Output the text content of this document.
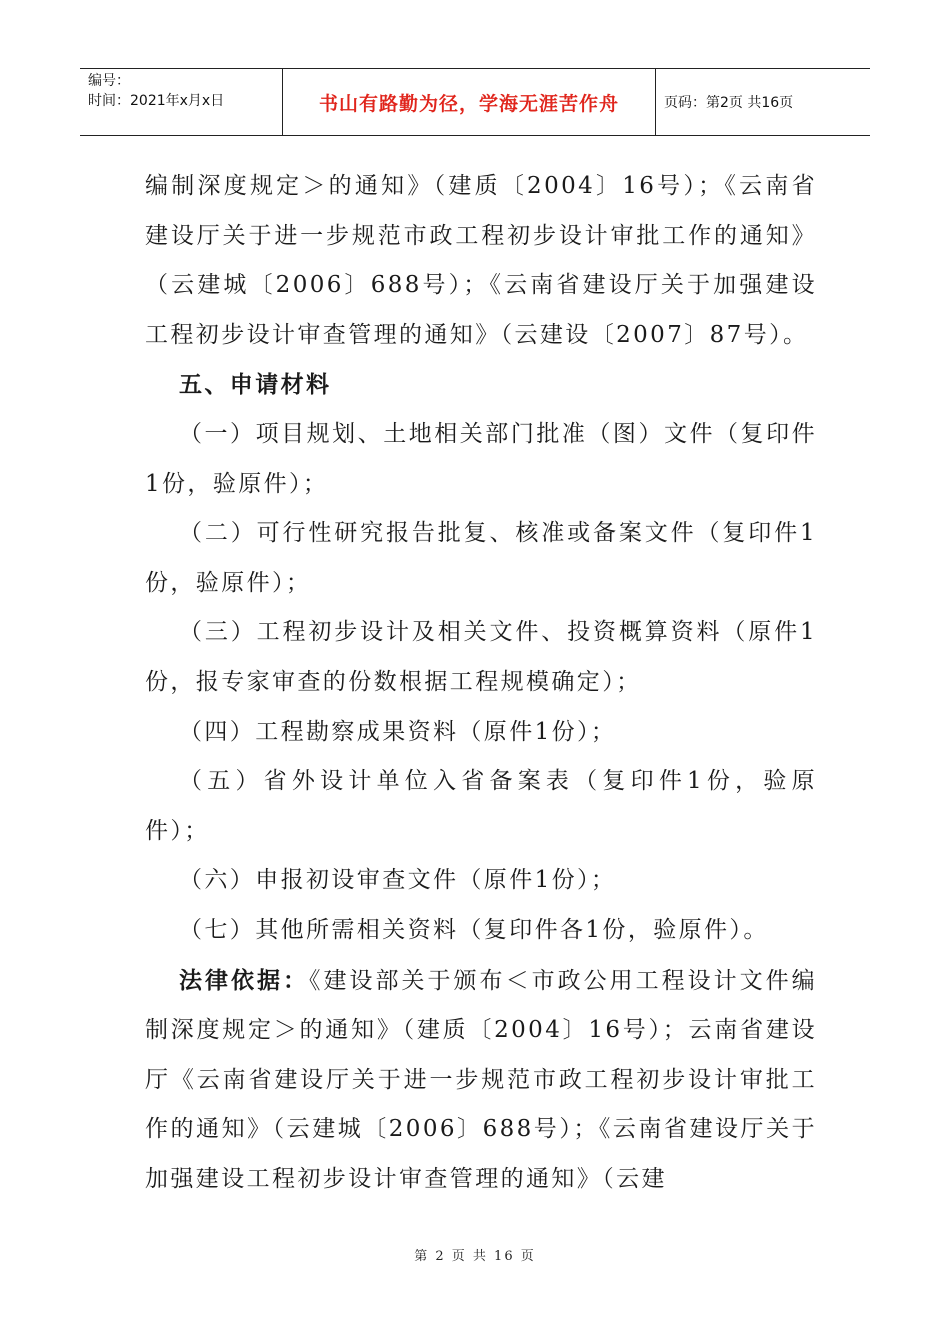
编号：
时间：2021年x月x日	书山有路勤为径，学海无涯苦作舟	页码：第2页 共16页

编制深度规定＞的通知》（建质〔2004〕16号）；《云南省建设厅关于进一步规范市政工程初步设计审批工作的通知》（云建城〔2006〕688号）；《云南省建设厅关于加强建设工程初步设计审查管理的通知》（云建设〔2007〕87号）。

五、申请材料

（一）项目规划、土地相关部门批准（图）文件（复印件1份，验原件）；

（二）可行性研究报告批复、核准或备案文件（复印件1份，验原件）；

（三）工程初步设计及相关文件、投资概算资料（原件1份，报专家审查的份数根据工程规模确定）；

（四）工程勘察成果资料（原件1份）；

（五）省外设计单位入省备案表（复印件1份，验原件）；

（六）申报初设审查文件（原件1份）；

（七）其他所需相关资料（复印件各1份，验原件）。

法律依据：《建设部关于颁布＜市政公用工程设计文件编制深度规定＞的通知》（建质〔2004〕16号）；云南省建设厅《云南省建设厅关于进一步规范市政工程初步设计审批工作的通知》（云建城〔2006〕688号）；《云南省建设厅关于加强建设工程初步设计审查管理的通知》（云建

第 2 页 共 16 页
